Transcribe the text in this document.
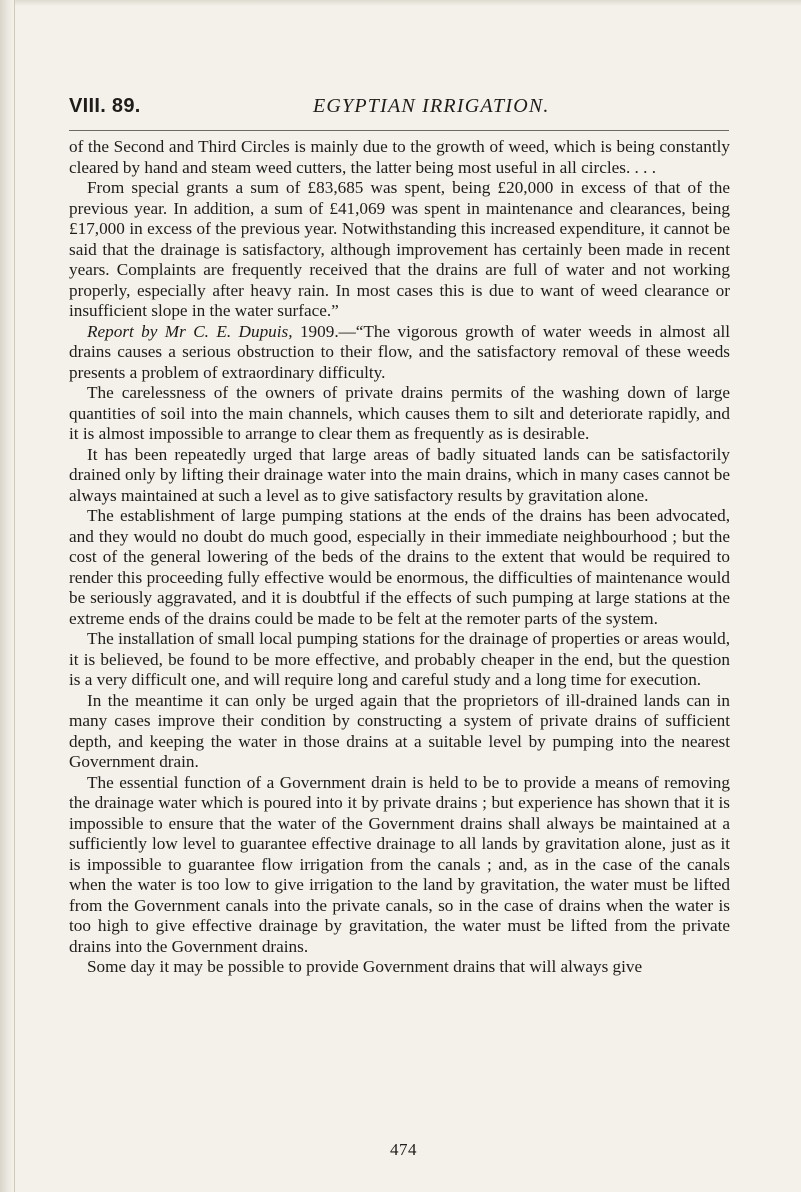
VIII. 89.	EGYPTIAN IRRIGATION.

of the Second and Third Circles is mainly due to the growth of weed, which is being constantly cleared by hand and steam weed cutters, the latter being most useful in all circles. . . .

From special grants a sum of £83,685 was spent, being £20,000 in excess of that of the previous year. In addition, a sum of £41,069 was spent in maintenance and clearances, being £17,000 in excess of the previous year. Notwithstanding this increased expenditure, it cannot be said that the drainage is satisfactory, although improvement has certainly been made in recent years. Complaints are frequently received that the drains are full of water and not working properly, especially after heavy rain. In most cases this is due to want of weed clearance or insufficient slope in the water surface.”

Report by Mr C. E. Dupuis, 1909.—“The vigorous growth of water weeds in almost all drains causes a serious obstruction to their flow, and the satisfactory removal of these weeds presents a problem of extraordinary difficulty.

The carelessness of the owners of private drains permits of the washing down of large quantities of soil into the main channels, which causes them to silt and deteriorate rapidly, and it is almost impossible to arrange to clear them as frequently as is desirable.

It has been repeatedly urged that large areas of badly situated lands can be satisfactorily drained only by lifting their drainage water into the main drains, which in many cases cannot be always maintained at such a level as to give satisfactory results by gravitation alone.

The establishment of large pumping stations at the ends of the drains has been advocated, and they would no doubt do much good, especially in their immediate neighbourhood ; but the cost of the general lowering of the beds of the drains to the extent that would be required to render this proceeding fully effective would be enormous, the difficulties of maintenance would be seriously aggravated, and it is doubtful if the effects of such pumping at large stations at the extreme ends of the drains could be made to be felt at the remoter parts of the system.

The installation of small local pumping stations for the drainage of properties or areas would, it is believed, be found to be more effective, and probably cheaper in the end, but the question is a very difficult one, and will require long and careful study and a long time for execution.

In the meantime it can only be urged again that the proprietors of ill-drained lands can in many cases improve their condition by constructing a system of private drains of sufficient depth, and keeping the water in those drains at a suitable level by pumping into the nearest Government drain.

The essential function of a Government drain is held to be to provide a means of removing the drainage water which is poured into it by private drains ; but experience has shown that it is impossible to ensure that the water of the Government drains shall always be maintained at a sufficiently low level to guarantee effective drainage to all lands by gravitation alone, just as it is impossible to guarantee flow irrigation from the canals ; and, as in the case of the canals when the water is too low to give irrigation to the land by gravitation, the water must be lifted from the Government canals into the private canals, so in the case of drains when the water is too high to give effective drainage by gravitation, the water must be lifted from the private drains into the Government drains.

Some day it may be possible to provide Government drains that will always give

474
